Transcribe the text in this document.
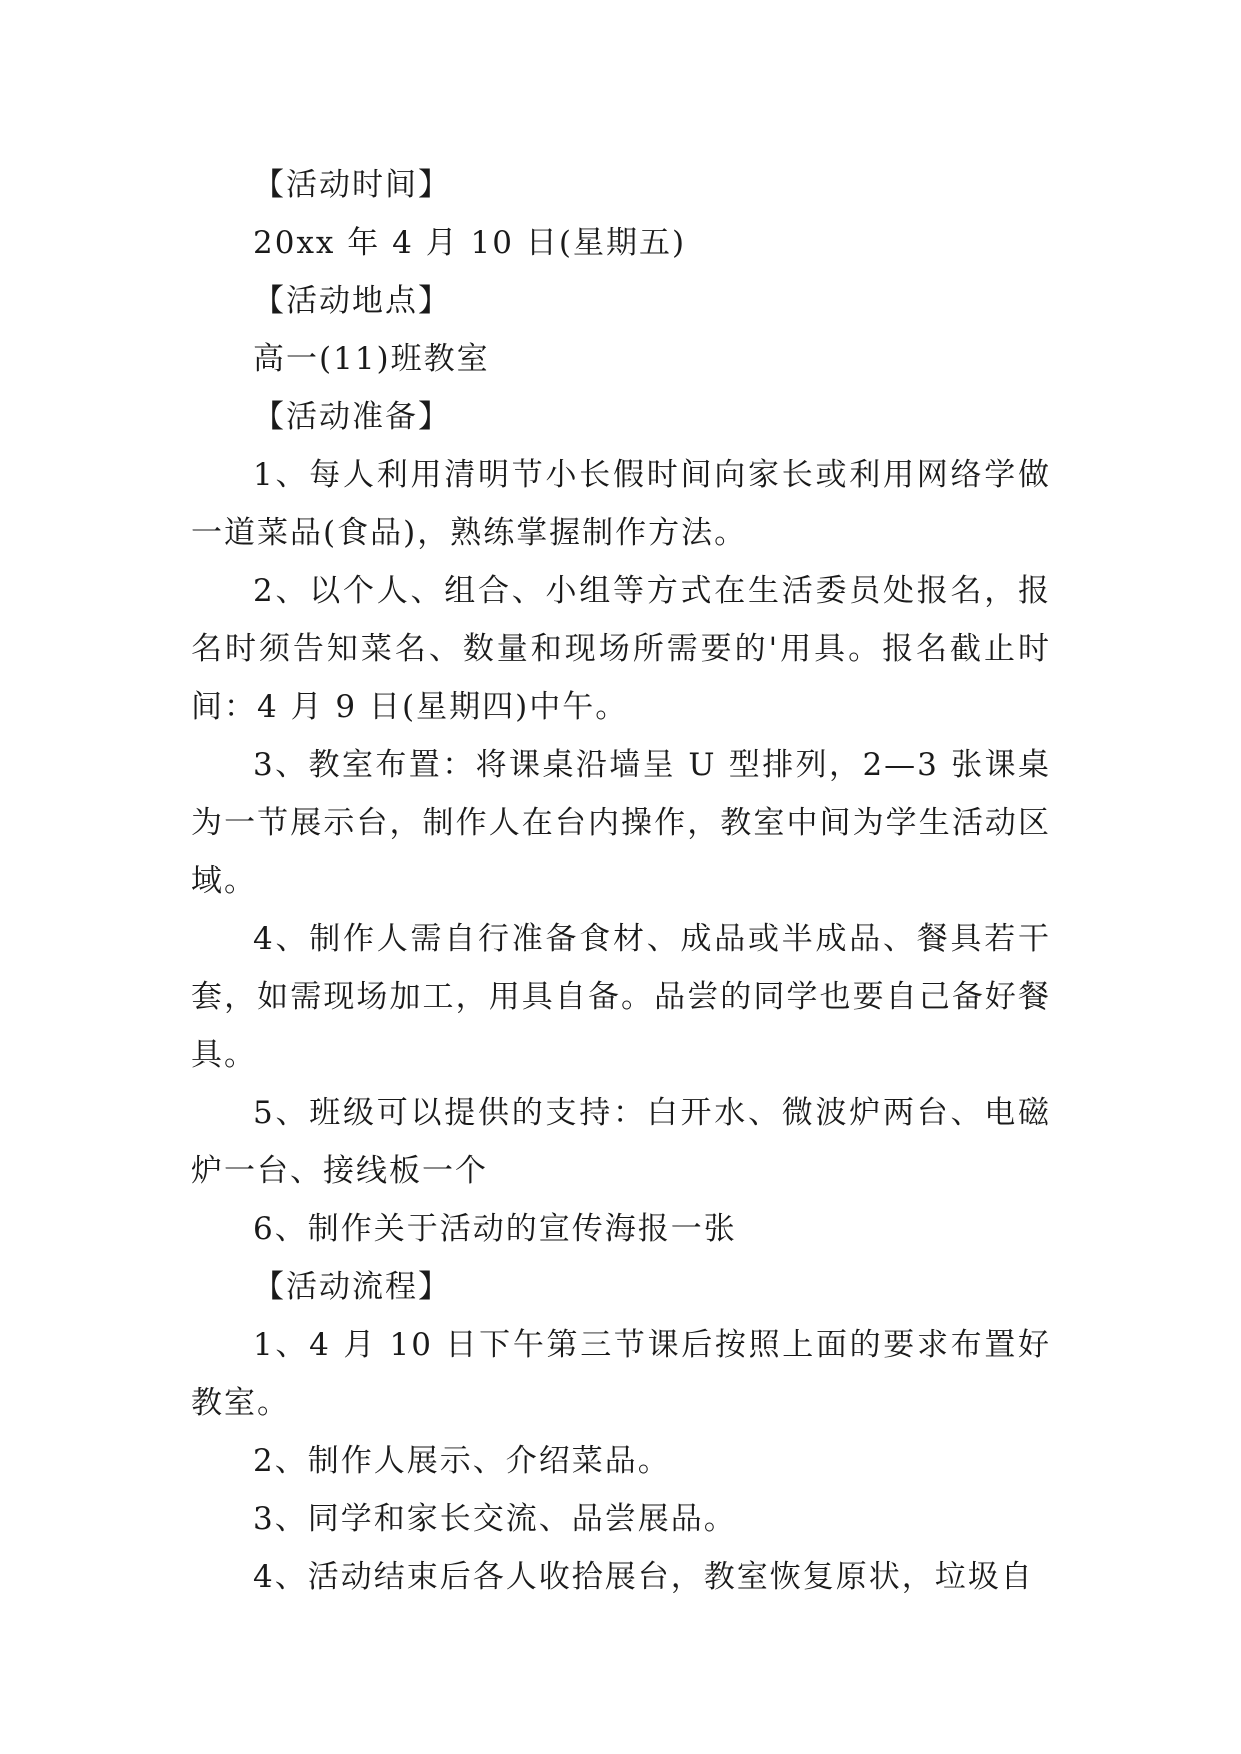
【活动时间】

20xx 年 4 月 10 日(星期五)

【活动地点】

高一(11)班教室

【活动准备】

1、每人利用清明节小长假时间向家长或利用网络学做一道菜品(食品)，熟练掌握制作方法。

2、以个人、组合、小组等方式在生活委员处报名，报名时须告知菜名、数量和现场所需要的'用具。报名截止时间：4 月 9 日(星期四)中午。

3、教室布置：将课桌沿墙呈 U 型排列，2—3 张课桌为一节展示台，制作人在台内操作，教室中间为学生活动区域。

4、制作人需自行准备食材、成品或半成品、餐具若干套，如需现场加工，用具自备。品尝的同学也要自己备好餐具。

5、班级可以提供的支持：白开水、微波炉两台、电磁炉一台、接线板一个

6、制作关于活动的宣传海报一张

【活动流程】

1、4 月 10 日下午第三节课后按照上面的要求布置好教室。

2、制作人展示、介绍菜品。

3、同学和家长交流、品尝展品。

4、活动结束后各人收拾展台，教室恢复原状，垃圾自
